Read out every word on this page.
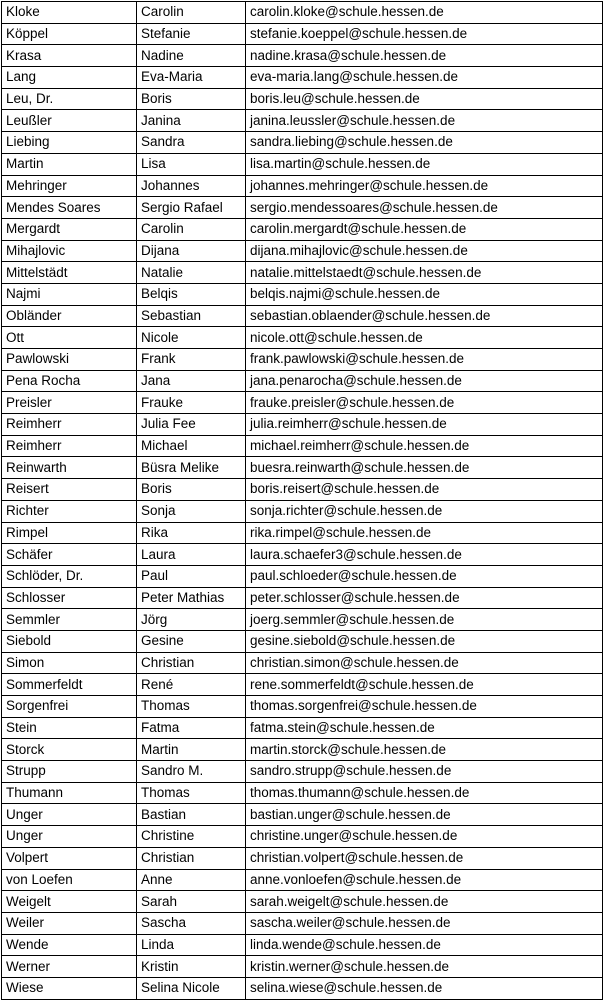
Kloke	Carolin	carolin.kloke@schule.hessen.de
Köppel	Stefanie	stefanie.koeppel@schule.hessen.de
Krasa	Nadine	nadine.krasa@schule.hessen.de
Lang	Eva-Maria	eva-maria.lang@schule.hessen.de
Leu, Dr.	Boris	boris.leu@schule.hessen.de
Leußler	Janina	janina.leussler@schule.hessen.de
Liebing	Sandra	sandra.liebing@schule.hessen.de
Martin	Lisa	lisa.martin@schule.hessen.de
Mehringer	Johannes	johannes.mehringer@schule.hessen.de
Mendes Soares	Sergio Rafael	sergio.mendessoares@schule.hessen.de
Mergardt	Carolin	carolin.mergardt@schule.hessen.de
Mihajlovic	Dijana	dijana.mihajlovic@schule.hessen.de
Mittelstädt	Natalie	natalie.mittelstaedt@schule.hessen.de
Najmi	Belqis	belqis.najmi@schule.hessen.de
Obländer	Sebastian	sebastian.oblaender@schule.hessen.de
Ott	Nicole	nicole.ott@schule.hessen.de
Pawlowski	Frank	frank.pawlowski@schule.hessen.de
Pena Rocha	Jana	jana.penarocha@schule.hessen.de
Preisler	Frauke	frauke.preisler@schule.hessen.de
Reimherr	Julia Fee	julia.reimherr@schule.hessen.de
Reimherr	Michael	michael.reimherr@schule.hessen.de
Reinwarth	Büsra Melike	buesra.reinwarth@schule.hessen.de
Reisert	Boris	boris.reisert@schule.hessen.de
Richter	Sonja	sonja.richter@schule.hessen.de
Rimpel	Rika	rika.rimpel@schule.hessen.de
Schäfer	Laura	laura.schaefer3@schule.hessen.de
Schlöder, Dr.	Paul	paul.schloeder@schule.hessen.de
Schlosser	Peter Mathias	peter.schlosser@schule.hessen.de
Semmler	Jörg	joerg.semmler@schule.hessen.de
Siebold	Gesine	gesine.siebold@schule.hessen.de
Simon	Christian	christian.simon@schule.hessen.de
Sommerfeldt	René	rene.sommerfeldt@schule.hessen.de
Sorgenfrei	Thomas	thomas.sorgenfrei@schule.hessen.de
Stein	Fatma	fatma.stein@schule.hessen.de
Storck	Martin	martin.storck@schule.hessen.de
Strupp	Sandro M.	sandro.strupp@schule.hessen.de
Thumann	Thomas	thomas.thumann@schule.hessen.de
Unger	Bastian	bastian.unger@schule.hessen.de
Unger	Christine	christine.unger@schule.hessen.de
Volpert	Christian	christian.volpert@schule.hessen.de
von Loefen	Anne	anne.vonloefen@schule.hessen.de
Weigelt	Sarah	sarah.weigelt@schule.hessen.de
Weiler	Sascha	sascha.weiler@schule.hessen.de
Wende	Linda	linda.wende@schule.hessen.de
Werner	Kristin	kristin.werner@schule.hessen.de
Wiese	Selina Nicole	selina.wiese@schule.hessen.de
